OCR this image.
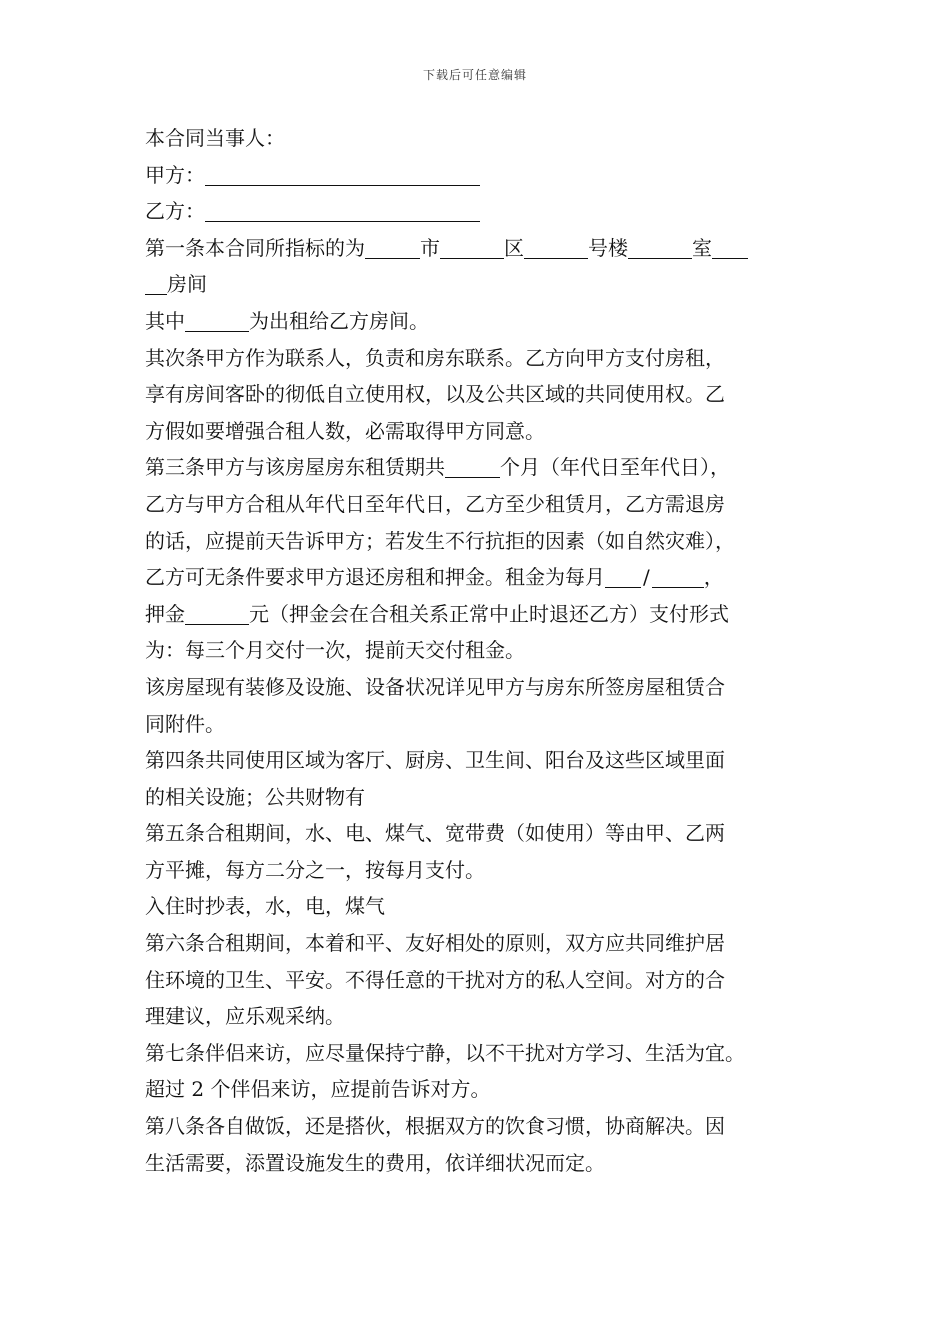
下载后可任意编辑
本合同当事人：
甲方：
乙方：
第一条本合同所指标的为	市	区	号楼	室
房间
其中	为出租给乙方房间。
其次条甲方作为联系人，负责和房东联系。乙方向甲方支付房租，
享有房间客卧的彻低自立使用权，以及公共区域的共同使用权。乙
方假如要增强合租人数，必需取得甲方同意。
第三条甲方与该房屋房东租赁期共	个月（年代日至年代日），
乙方与甲方合租从年代日至年代日，乙方至少租赁月，乙方需退房
的话，应提前天告诉甲方；若发生不行抗拒的因素（如自然灾难），
乙方可无条件要求甲方退还房租和押金。租金为每月 /	，
押金	元（押金会在合租关系正常中止时退还乙方）支付形式
为：每三个月交付一次，提前天交付租金。
该房屋现有装修及设施、设备状况详见甲方与房东所签房屋租赁合
同附件。
第四条共同使用区域为客厅、厨房、卫生间、阳台及这些区域里面
的相关设施；公共财物有
第五条合租期间，水、电、煤气、宽带费（如使用）等由甲、乙两
方平摊，每方二分之一，按每月支付。
入住时抄表，水，电，煤气
第六条合租期间，本着和平、友好相处的原则，双方应共同维护居
住环境的卫生、平安。不得任意的干扰对方的私人空间。对方的合
理建议，应乐观采纳。
第七条伴侣来访，应尽量保持宁静，以不干扰对方学习、生活为宜。
超过 2 个伴侣来访，应提前告诉对方。
第八条各自做饭，还是搭伙，根据双方的饮食习惯，协商解决。因
生活需要，添置设施发生的费用，依详细状况而定。
